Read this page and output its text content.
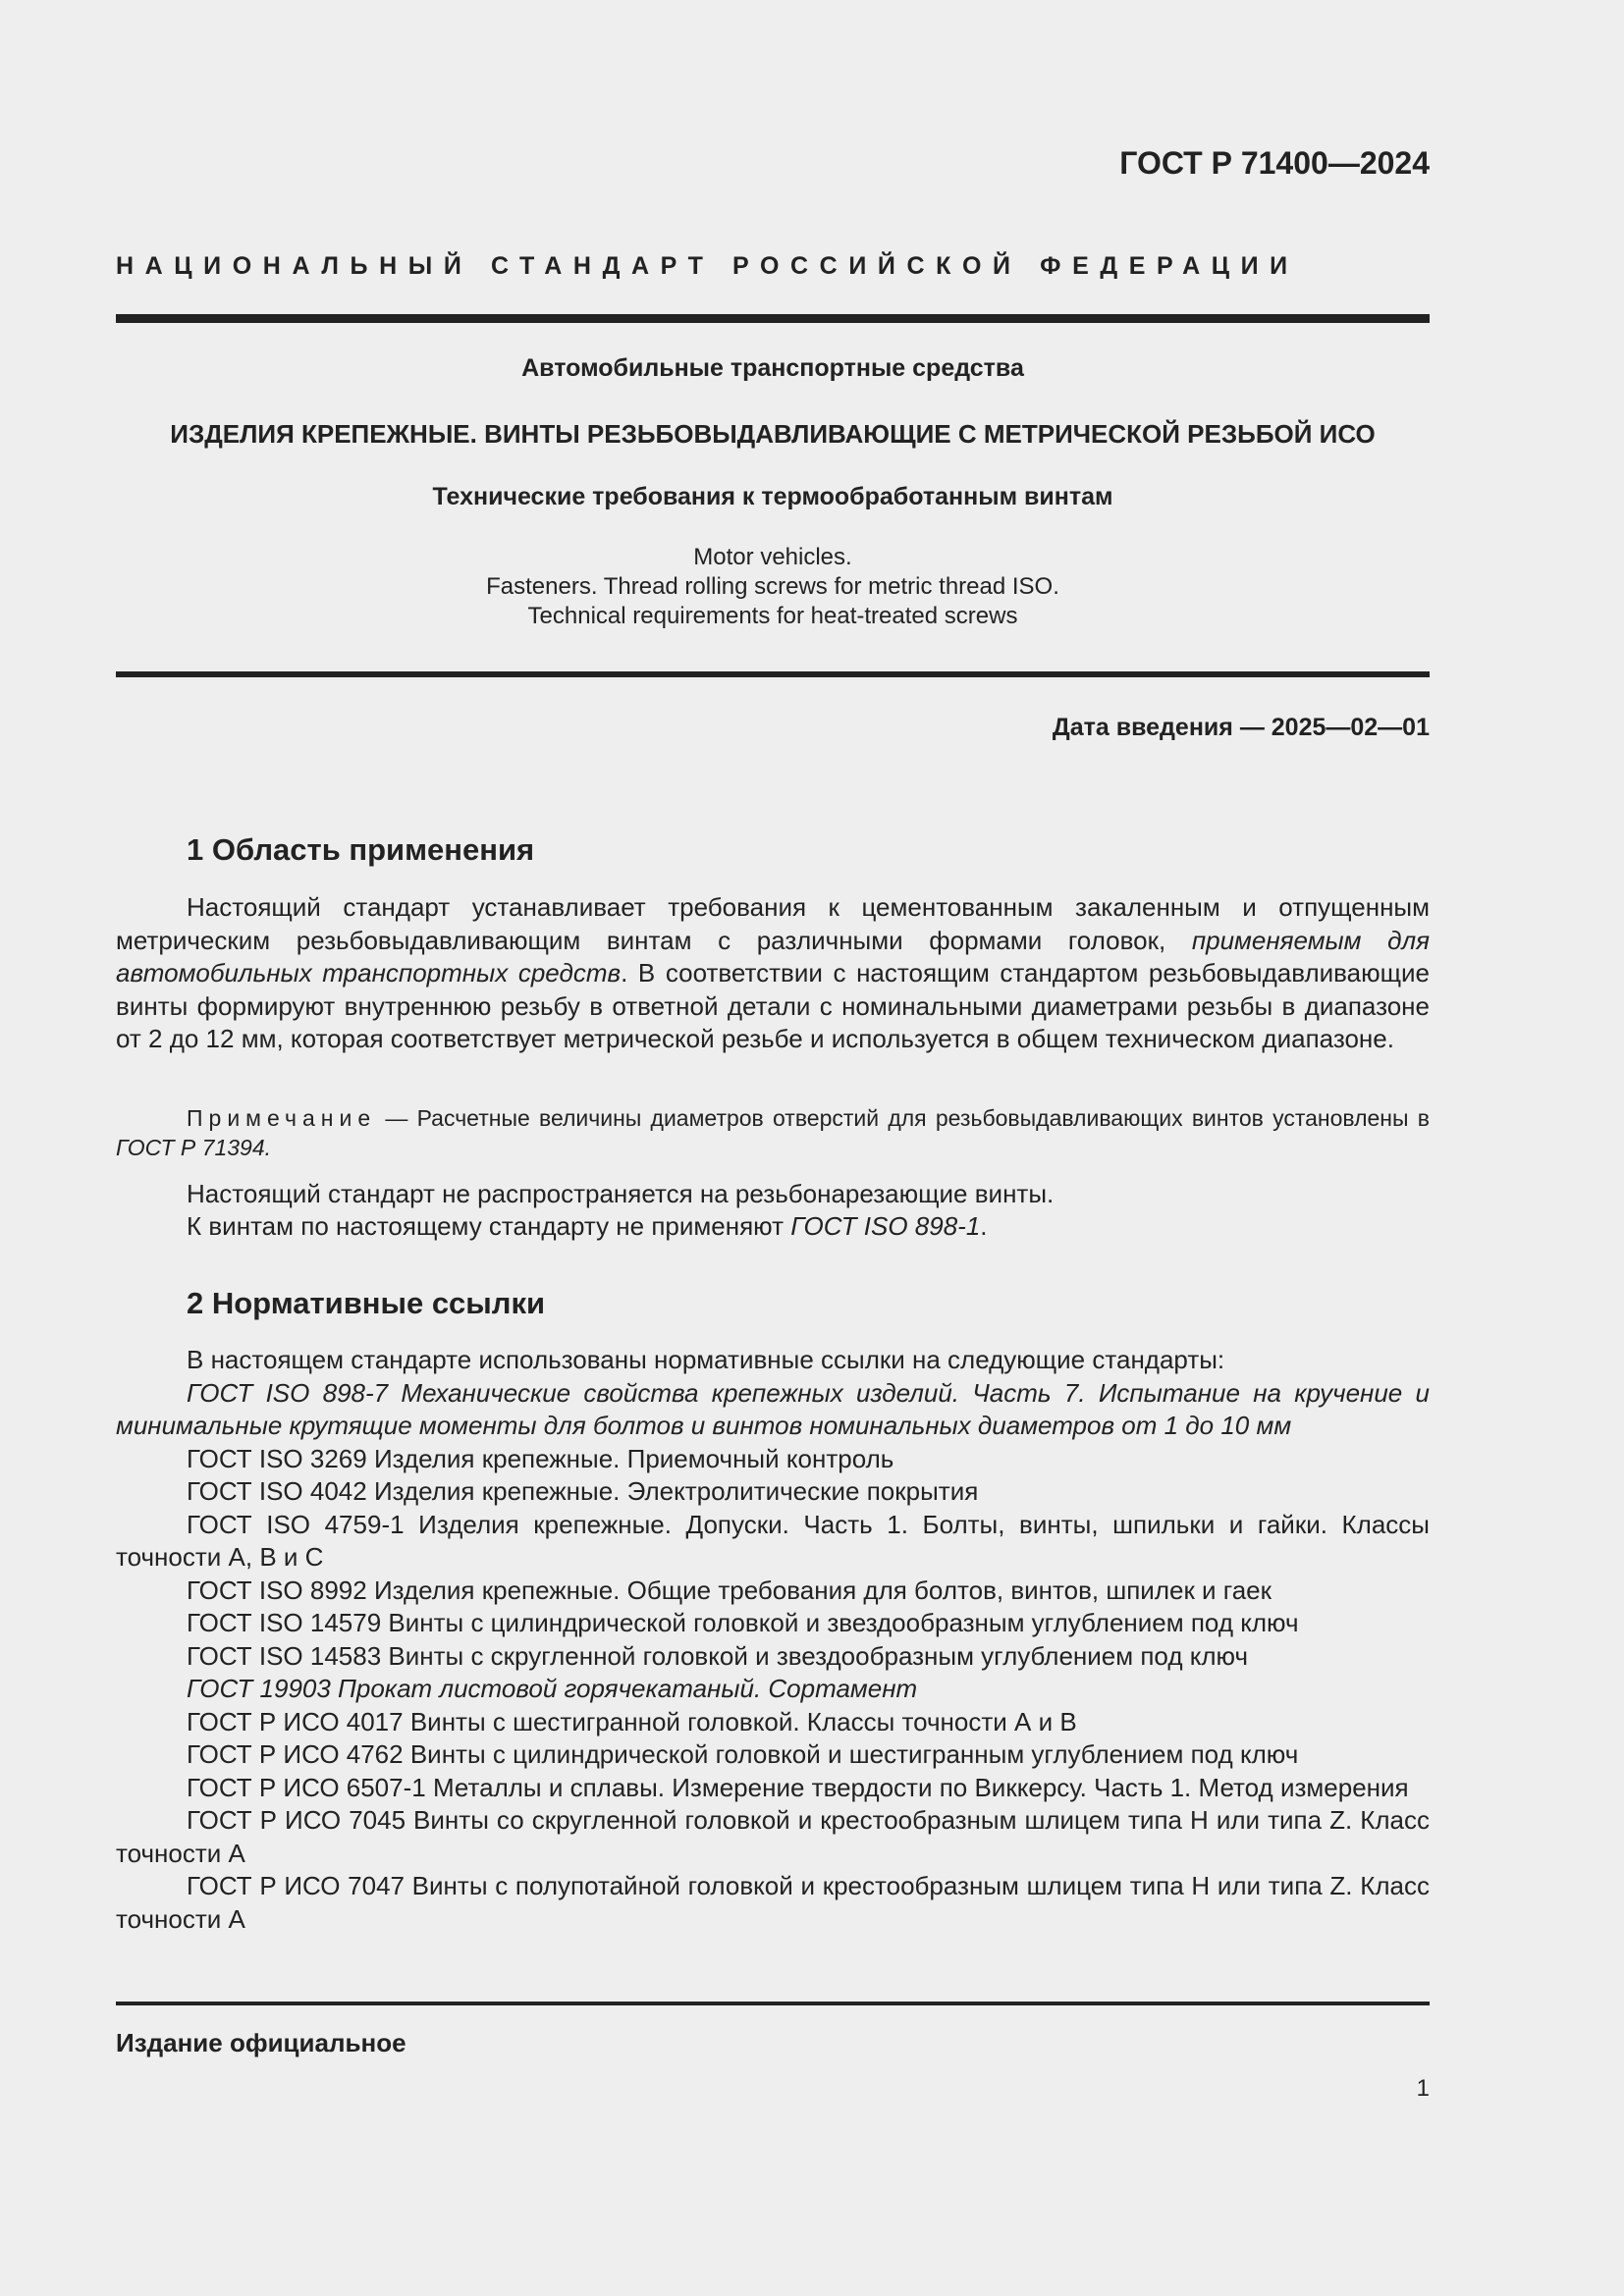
ГОСТ Р 71400—2024
НАЦИОНАЛЬНЫЙ СТАНДАРТ РОССИЙСКОЙ ФЕДЕРАЦИИ
Автомобильные транспортные средства
ИЗДЕЛИЯ КРЕПЕЖНЫЕ. ВИНТЫ РЕЗЬБОВЫДАВЛИВАЮЩИЕ С МЕТРИЧЕСКОЙ РЕЗЬБОЙ ИСО
Технические требования к термообработанным винтам
Motor vehicles.
Fasteners. Thread rolling screws for metric thread ISO.
Technical requirements for heat-treated screws
Дата введения — 2025—02—01
1 Область применения
Настоящий стандарт устанавливает требования к цементованным закаленным и отпущенным метрическим резьбовыдавливающим винтам с различными формами головок, применяемым для автомобильных транспортных средств. В соответствии с настоящим стандартом резьбовыдавливающие винты формируют внутреннюю резьбу в ответной детали с номинальными диаметрами резьбы в диапазоне от 2 до 12 мм, которая соответствует метрической резьбе и используется в общем техническом диапазоне.
Примечание — Расчетные величины диаметров отверстий для резьбовыдавливающих винтов установлены в ГОСТ Р 71394.
Настоящий стандарт не распространяется на резьбонарезающие винты.
К винтам по настоящему стандарту не применяют ГОСТ ISO 898-1.
2 Нормативные ссылки
В настоящем стандарте использованы нормативные ссылки на следующие стандарты:
ГОСТ ISO 898-7 Механические свойства крепежных изделий. Часть 7. Испытание на кручение и минимальные крутящие моменты для болтов и винтов номинальных диаметров от 1 до 10 мм
ГОСТ ISO 3269 Изделия крепежные. Приемочный контроль
ГОСТ ISO 4042 Изделия крепежные. Электролитические покрытия
ГОСТ ISO 4759-1 Изделия крепежные. Допуски. Часть 1. Болты, винты, шпильки и гайки. Классы точности А, В и С
ГОСТ ISO 8992 Изделия крепежные. Общие требования для болтов, винтов, шпилек и гаек
ГОСТ ISO 14579 Винты с цилиндрической головкой и звездообразным углублением под ключ
ГОСТ ISO 14583 Винты с скругленной головкой и звездообразным углублением под ключ
ГОСТ 19903 Прокат листовой горячекатаный. Сортамент
ГОСТ Р ИСО 4017 Винты с шестигранной головкой. Классы точности А и В
ГОСТ Р ИСО 4762 Винты с цилиндрической головкой и шестигранным углублением под ключ
ГОСТ Р ИСО 6507-1 Металлы и сплавы. Измерение твердости по Виккерсу. Часть 1. Метод измерения
ГОСТ Р ИСО 7045 Винты со скругленной головкой и крестообразным шлицем типа Н или типа Z. Класс точности А
ГОСТ Р ИСО 7047 Винты с полупотайной головкой и крестообразным шлицем типа Н или типа Z. Класс точности А
Издание официальное
1
